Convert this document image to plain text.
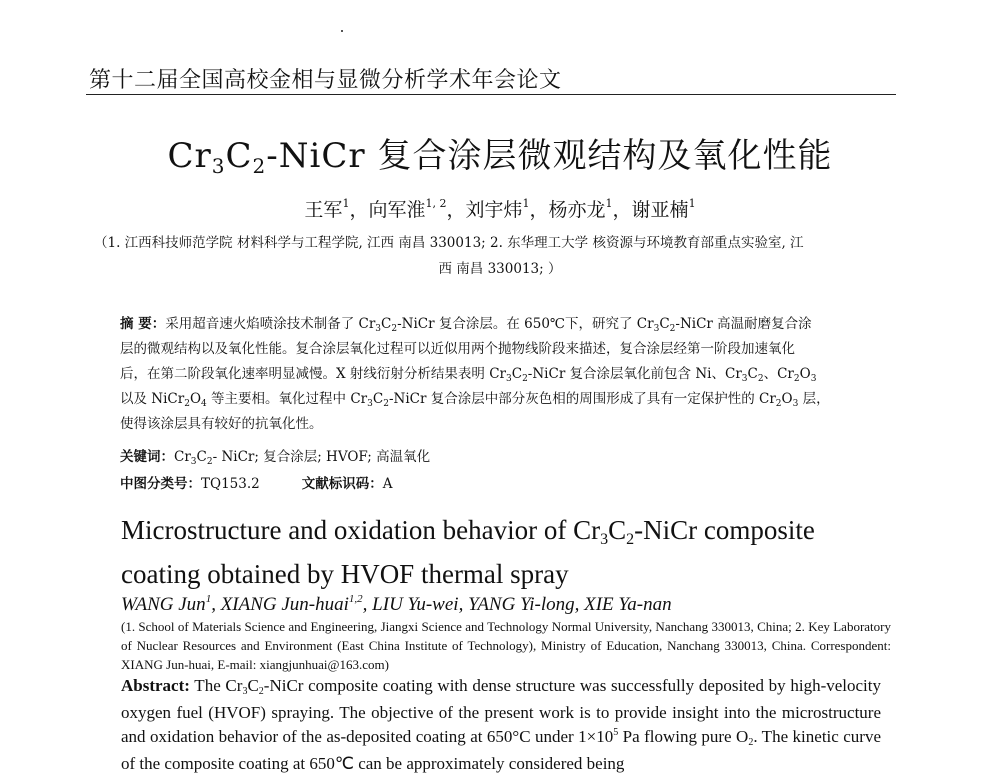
第十二届全国高校金相与显微分析学术年会论文
$Cr_3C_2$-NiCr 复合涂层微观结构及氧化性能
王军$^1$，向军淮$^{1, 2}$，刘宇炜$^1$，杨亦龙$^1$，谢亚楠$^1$
（1. 江西科技师范学院 材料科学与工程学院, 江西 南昌 330013; 2. 东华理工大学 核资源与环境教育部重点实验室, 江
西 南昌 330013; ）
摘 要：采用超音速火焰喷涂技术制备了 $Cr_3C_2$-NiCr 复合涂层。在 650℃下，研究了 $Cr_3C_2$-NiCr 高温耐磨复合涂
层的微观结构以及氧化性能。复合涂层氧化过程可以近似用两个抛物线阶段来描述，复合涂层经第一阶段加速氧化
后，在第二阶段氧化速率明显减慢。X 射线衍射分析结果表明 $Cr_3C_2$-NiCr 复合涂层氧化前包含 Ni、$Cr_3C_2$、$Cr_2O_3$
以及 $NiCr_2O_4$ 等主要相。氧化过程中 $Cr_3C_2$-NiCr 复合涂层中部分灰色相的周围形成了具有一定保护性的 $Cr_2O_3$ 层，
使得该涂层具有较好的抗氧化性。
关键词：$Cr_3C_2-$ NiCr; 复合涂层; HVOF; 高温氧化
中图分类号：TQ153.2	文献标识码：A
Microstructure and oxidation behavior of $Cr_3C_2$-NiCr composite
coating obtained by HVOF thermal spray
WANG Jun$^1$, XIANG Jun-huai$^{1,2}$, LIU Yu-wei, YANG Yi-long, XIE Ya-nan
(1. School of Materials Science and Engineering, Jiangxi Science and Technology Normal University, Nanchang 330013, China; 2. Key Laboratory of Nuclear Resources and Environment (East China Institute of Technology), Ministry of Education, Nanchang 330013, China. Correspondent: XIANG Jun-huai, E-mail: xiangjunhuai@163.com)
Abstract: The $Cr_3C_2$-NiCr composite coating with dense structure was successfully deposited by high-velocity oxygen fuel (HVOF) spraying. The objective of the present work is to provide insight into the microstructure and oxidation behavior of the as-deposited coating at 650°C under $1\times 10^5$ Pa flowing pure $O_2$. The kinetic curve of the composite coating at 650℃ can be approximately considered being
